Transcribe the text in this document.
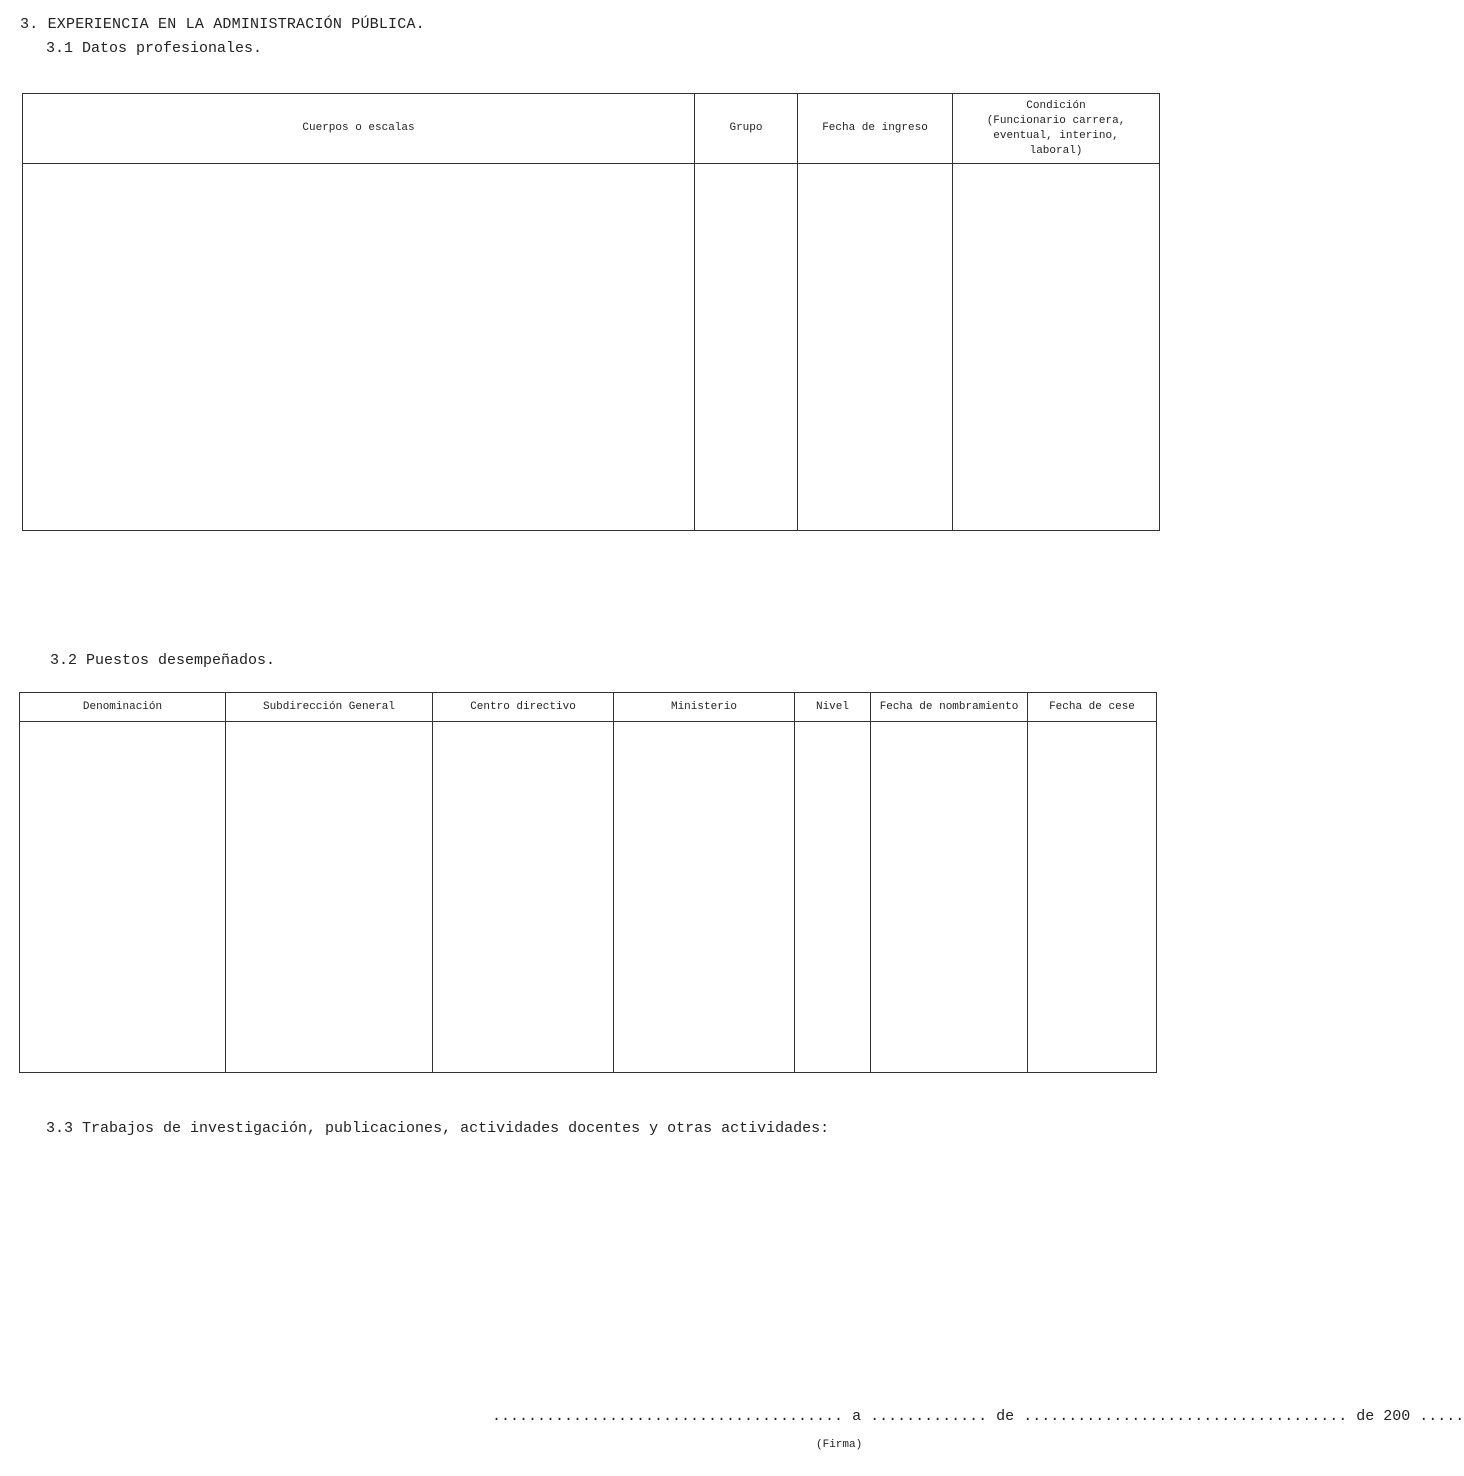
3. EXPERIENCIA EN LA ADMINISTRACIÓN PÚBLICA.
3.1 Datos profesionales.
Cuerpos o escalas	Grupo	Fecha de ingreso	Condición
(Funcionario carrera,
eventual, interino,
laboral)

3.2 Puestos desempeñados.
Denominación	Subdirección General	Centro directivo	Ministerio	Nivel	Fecha de nombramiento	Fecha de cese

3.3 Trabajos de investigación, publicaciones, actividades docentes y otras actividades:
....................................... a ............. de .................................... de 200 .....
(Firma)
